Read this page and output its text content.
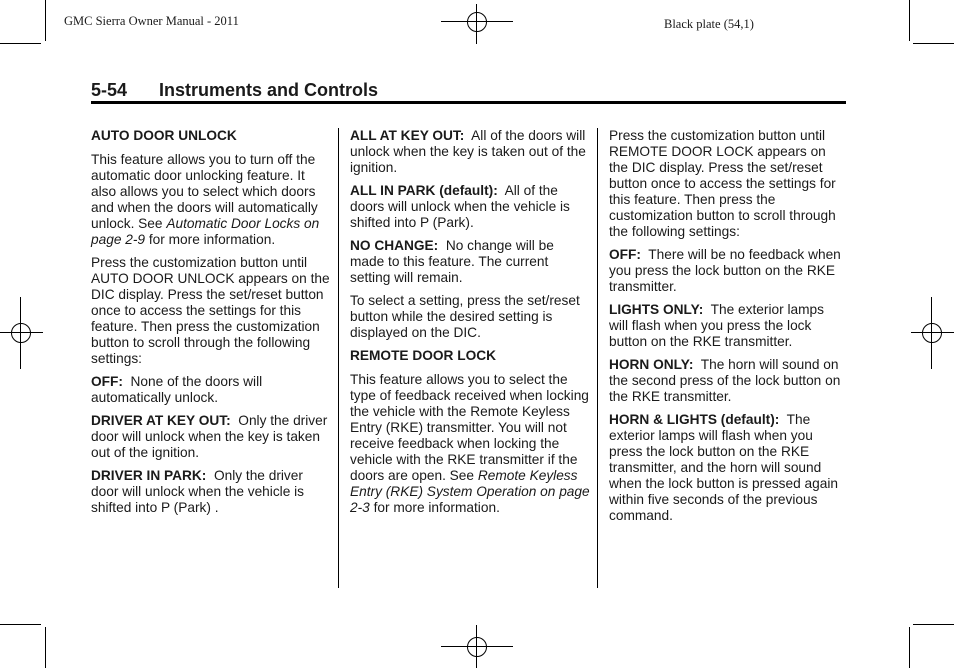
GMC Sierra Owner Manual - 2011	Black plate (54,1)
5-54 Instruments and Controls

AUTO DOOR UNLOCK

This feature allows you to turn off the automatic door unlocking feature. It also allows you to select which doors and when the doors will automatically unlock. See Automatic Door Locks on page 2‑9 for more information.

Press the customization button until AUTO DOOR UNLOCK appears on the DIC display. Press the set/reset button once to access the settings for this feature. Then press the customization button to scroll through the following settings:

OFF:  None of the doors will automatically unlock.

DRIVER AT KEY OUT:  Only the driver door will unlock when the key is taken out of the ignition.

DRIVER IN PARK:  Only the driver door will unlock when the vehicle is shifted into P (Park) .

ALL AT KEY OUT:  All of the doors will unlock when the key is taken out of the ignition.

ALL IN PARK (default):  All of the doors will unlock when the vehicle is shifted into P (Park).

NO CHANGE:  No change will be made to this feature. The current setting will remain.

To select a setting, press the set/reset button while the desired setting is displayed on the DIC.

REMOTE DOOR LOCK

This feature allows you to select the type of feedback received when locking the vehicle with the Remote Keyless Entry (RKE) transmitter. You will not receive feedback when locking the vehicle with the RKE transmitter if the doors are open. See Remote Keyless Entry (RKE) System Operation on page 2‑3 for more information.

Press the customization button until REMOTE DOOR LOCK appears on the DIC display. Press the set/reset button once to access the settings for this feature. Then press the customization button to scroll through the following settings:

OFF:  There will be no feedback when you press the lock button on the RKE transmitter.

LIGHTS ONLY:  The exterior lamps will flash when you press the lock button on the RKE transmitter.

HORN ONLY:  The horn will sound on the second press of the lock button on the RKE transmitter.

HORN & LIGHTS (default):  The exterior lamps will flash when you press the lock button on the RKE transmitter, and the horn will sound when the lock button is pressed again within five seconds of the previous command.
